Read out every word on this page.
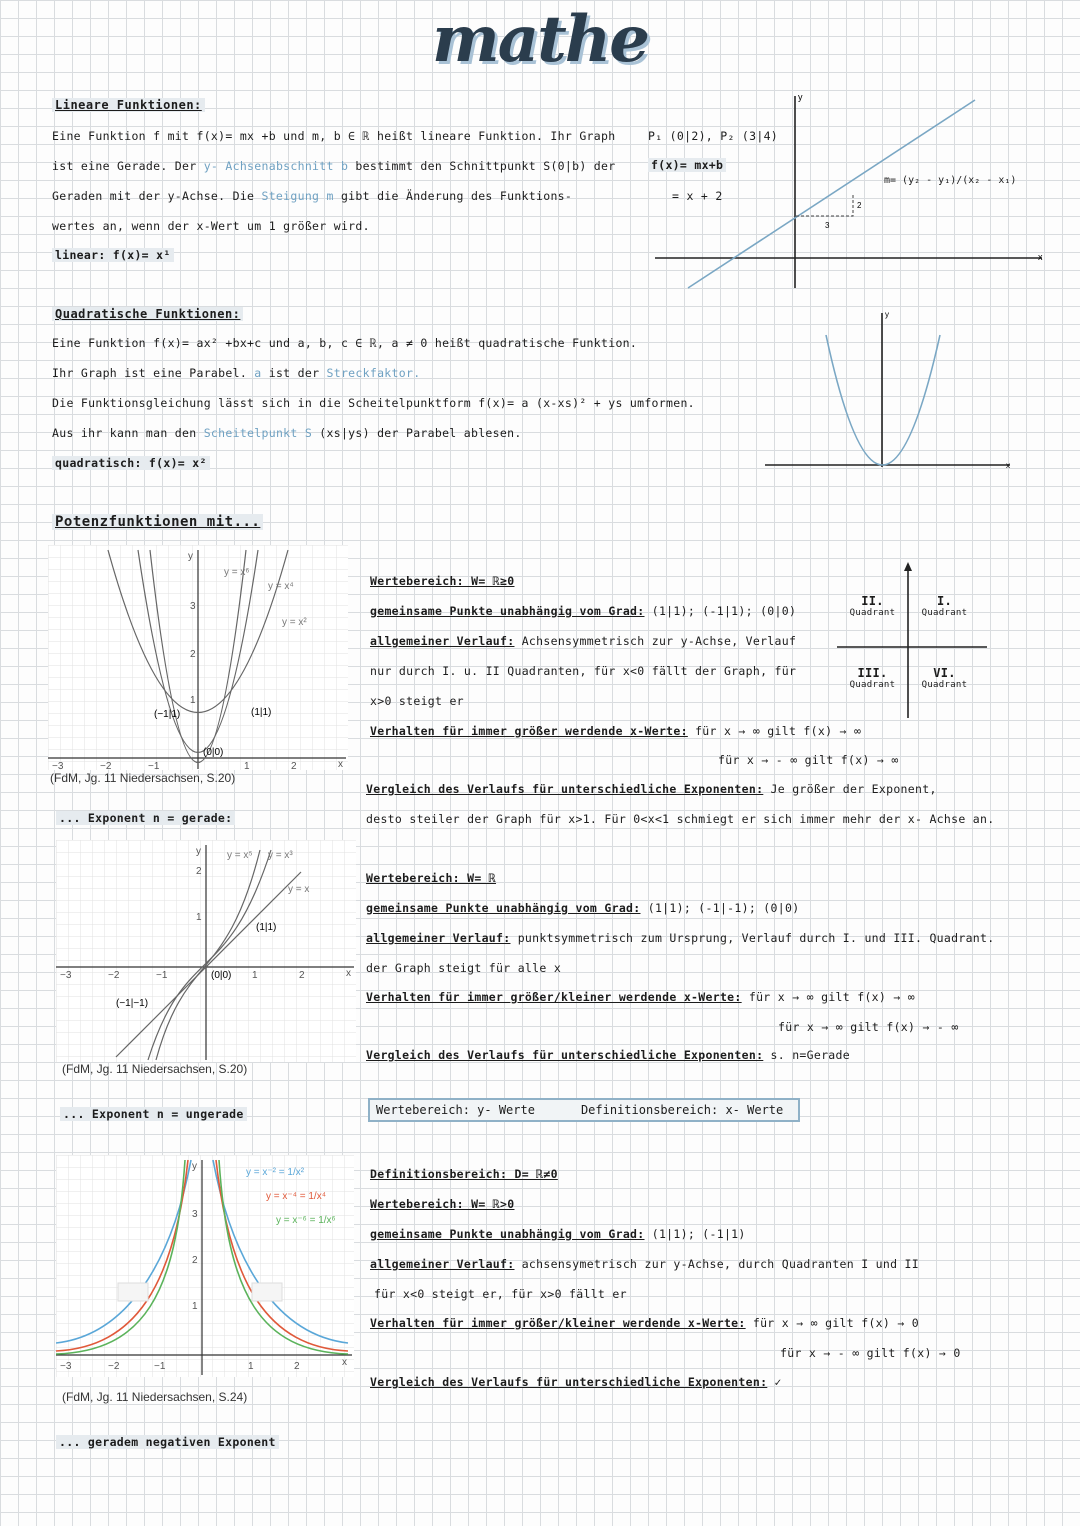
mathe
Lineare Funktionen:
Eine Funktion f mit f(x)= mx +b und m, b ∈ ℝ heißt lineare Funktion. Ihr Graph
ist eine Gerade. Der y- Achsenabschnitt b bestimmt den Schnittpunkt S(0|b) der
Geraden mit der y-Achse. Die Steigung m gibt die Änderung des Funktions-
wertes an, wenn der x-Wert um 1 größer wird.
linear: f(x)= x¹
P₁ (0|2), P₂ (3|4)
f(x)= mx+b
= x + 2
3
2
x
y
m= (y₂ - y₁)/(x₂ - x₁)
Quadratische Funktionen:
Eine Funktion f(x)= ax² +bx+c und a, b, c ∈ ℝ, a ≠ 0 heißt quadratische Funktion.
Ihr Graph ist eine Parabel. a ist der Streckfaktor.
Die Funktionsgleichung lässt sich in die Scheitelpunktform f(x)= a (x-xs)² + ys umformen.
Aus ihr kann man den Scheitelpunkt S (xs|ys) der Parabel ablesen.
quadratisch: f(x)= x²	x
y
Potenzfunktionen mit...
(−1|1)	(1|1)
(0|0)
y = x⁶
y = x⁴
y = x²
3
2
1
−3	−2	−1	1	2	x
y
(FdM, Jg. 11 Niedersachsen, S.20)
... Exponent n = gerade:
Wertebereich: W= ℝ≥0
gemeinsame Punkte unabhängig vom Grad: (1|1); (-1|1); (0|0)
allgemeiner Verlauf: Achsensymmetrisch zur y-Achse, Verlauf
nur durch I. u. II Quadranten, für x<0 fällt der Graph, für
x>0 steigt er
Verhalten für immer größer werdende x-Werte: für x → ∞ gilt f(x) → ∞
für x → - ∞ gilt f(x) → ∞
Vergleich des Verlaufs für unterschiedliche Exponenten: Je größer der Exponent,
desto steiler der Graph für x>1. Für 0<x<1 schmiegt er sich immer mehr der x- Achse an.
II.
Quadrant
I.
Quadrant
III.
Quadrant
VI.
Quadrant
(1|1)
(0|0)
(−1|−1)
y = x⁵ y = x³
y = x
2
1
−3	−2	−1	1	2	x
y
(FdM, Jg. 11 Niedersachsen, S.20)
... Exponent n = ungerade
Wertebereich: W= ℝ
gemeinsame Punkte unabhängig vom Grad: (1|1); (-1|-1); (0|0)
allgemeiner Verlauf: punktsymmetrisch zum Ursprung, Verlauf durch I. und III. Quadrant.
der Graph steigt für alle x
Verhalten für immer größer/kleiner werdende x-Werte: für x → ∞ gilt f(x) → ∞
für x → ∞ gilt f(x) → - ∞
Vergleich des Verlaufs für unterschiedliche Exponenten: s. n=Gerade
Wertebereich: y- Werte	Definitionsbereich: x- Werte
y = x⁻² = 1/x²
y = x⁻⁴ = 1/x⁴
y = x⁻⁶ = 1/x⁶
3
2
1
−3	−2	−1	1	2	x
y
(FdM, Jg. 11 Niedersachsen, S.24)
... geradem negativen Exponent
Definitionsbereich: D= ℝ≠0
Wertebereich: W= ℝ>0
gemeinsame Punkte unabhängig vom Grad: (1|1); (-1|1)
allgemeiner Verlauf: achsensymetrisch zur y-Achse, durch Quadranten I und II
für x<0 steigt er, für x>0 fällt er
Verhalten für immer größer/kleiner werdende x-Werte: für x → ∞ gilt f(x) → 0
für x → - ∞ gilt f(x) → 0
Vergleich des Verlaufs für unterschiedliche Exponenten: ✓
